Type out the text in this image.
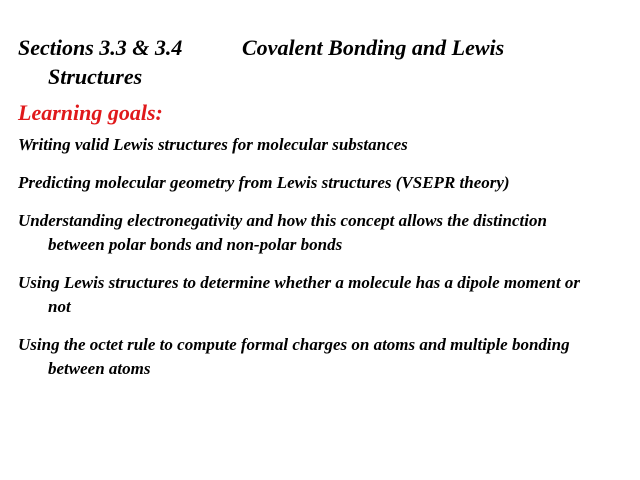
Sections 3.3 & 3.4	Covalent Bonding and Lewis Structures
Learning goals:
Writing valid Lewis structures for molecular substances
Predicting molecular geometry from Lewis structures (VSEPR theory)
Understanding electronegativity and how this concept allows the distinction between polar bonds and non-polar bonds
Using Lewis structures to determine whether a molecule has a dipole moment or not
Using the octet rule to compute formal charges on atoms and multiple bonding between atoms
